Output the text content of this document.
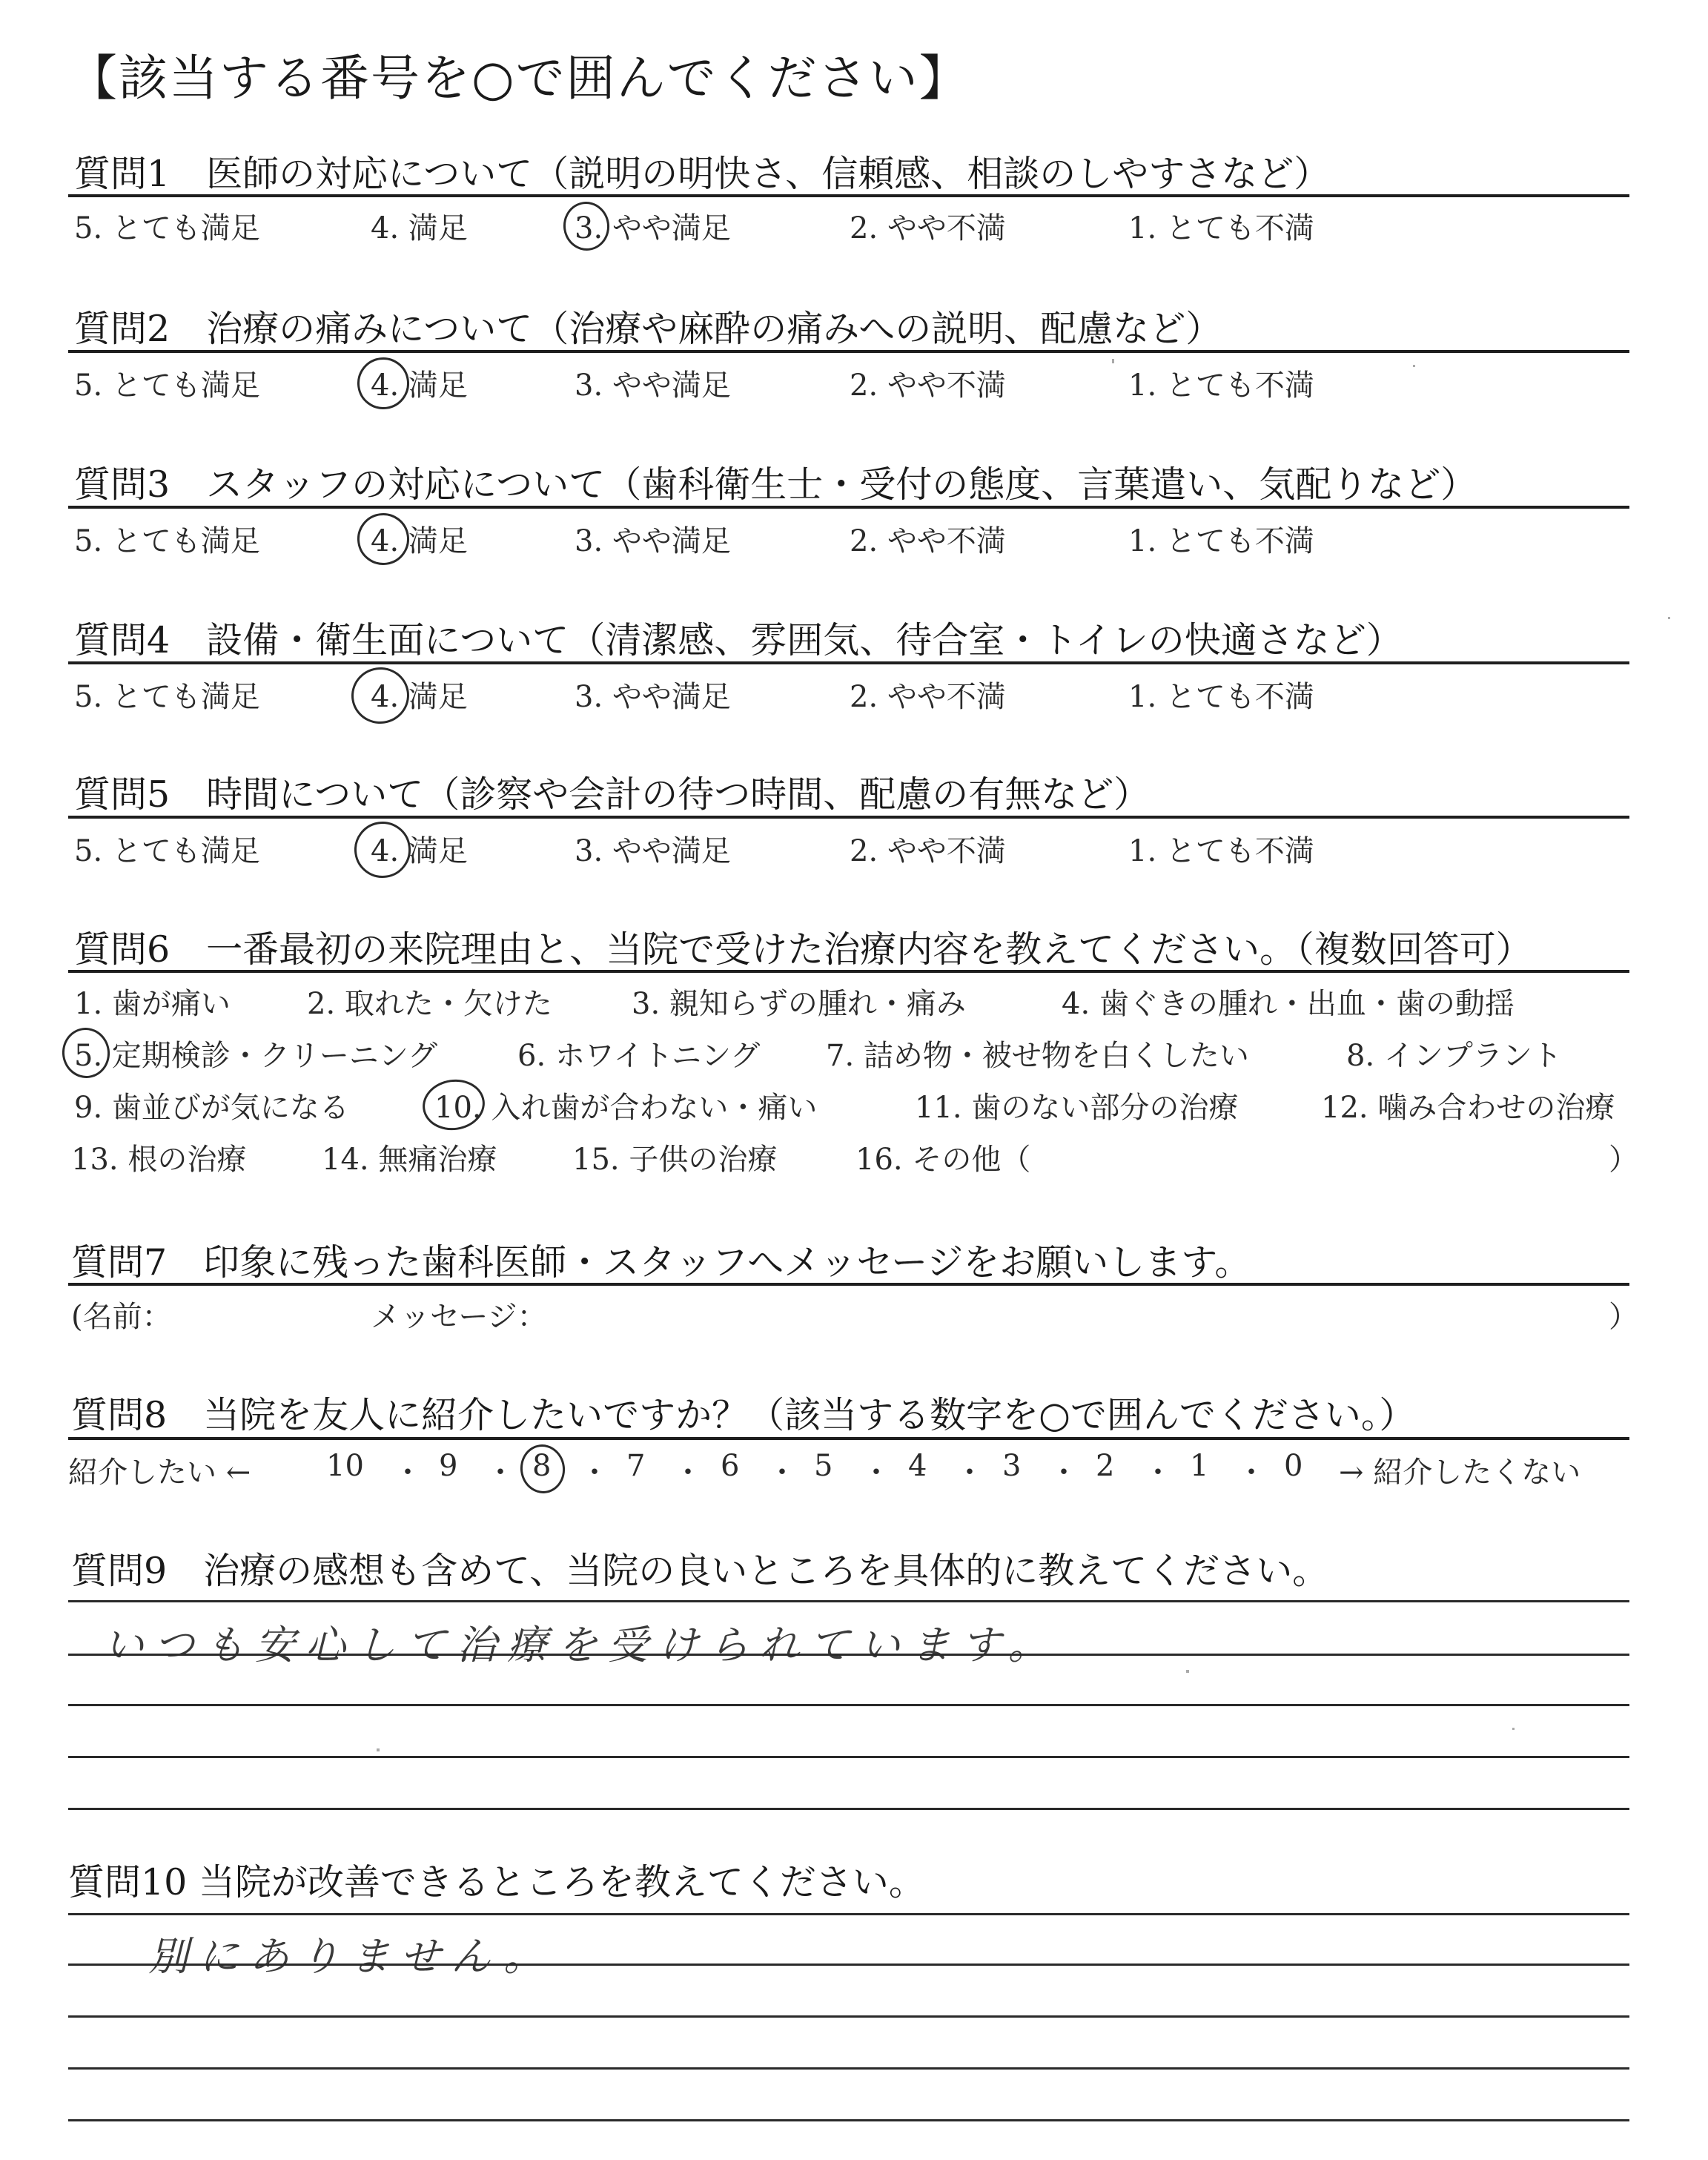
【該当する番号を○で囲んでください】
質問1　医師の対応について（説明の明快さ、信頼感、相談のしやすさなど）
5. とても満足	4. 満足	3. やや満足	2. やや不満	1. とても不満
質問2　治療の痛みについて（治療や麻酔の痛みへの説明、配慮など）
5. とても満足	4. 満足	3. やや満足	2. やや不満	1. とても不満
質問3　スタッフの対応について（歯科衛生士・受付の態度、言葉遣い、気配りなど）
5. とても満足	4. 満足	3. やや満足	2. やや不満	1. とても不満
質問4　設備・衛生面について（清潔感、雰囲気、待合室・トイレの快適さなど）
5. とても満足	4. 満足	3. やや満足	2. やや不満	1. とても不満
質問5　時間について（診察や会計の待つ時間、配慮の有無など）
5. とても満足	4. 満足	3. やや満足	2. やや不満	1. とても不満
質問6　一番最初の来院理由と、当院で受けた治療内容を教えてください。（複数回答可）
1. 歯が痛い	2. 取れた・欠けた	3. 親知らずの腫れ・痛み	4. 歯ぐきの腫れ・出血・歯の動揺
5. 定期検診・クリーニング	6. ホワイトニング 7. 詰め物・被せ物を白くしたい	8. インプラント
9. 歯並びが気になる	10. 入れ歯が合わない・痛い	11. 歯のない部分の治療	12. 噛み合わせの治療
13. 根の治療	14. 無痛治療	15. 子供の治療	16. その他（	）
質問7　印象に残った歯科医師・スタッフへメッセージをお願いします。
(名前：	メッセージ：	）
質問8　当院を友人に紹介したいですか？（該当する数字を○で囲んでください。）
紹介したい ←	10 ・ 9 ・ 8 ・ 7 ・ 6 ・ 5 ・ 4 ・ 3 ・ 2 ・ 1 ・ 0 → 紹介したくない
質問9　治療の感想も含めて、当院の良いところを具体的に教えてください。
いつも安心して治療を受けられています。
質問10 当院が改善できるところを教えてください。
別にありません。
